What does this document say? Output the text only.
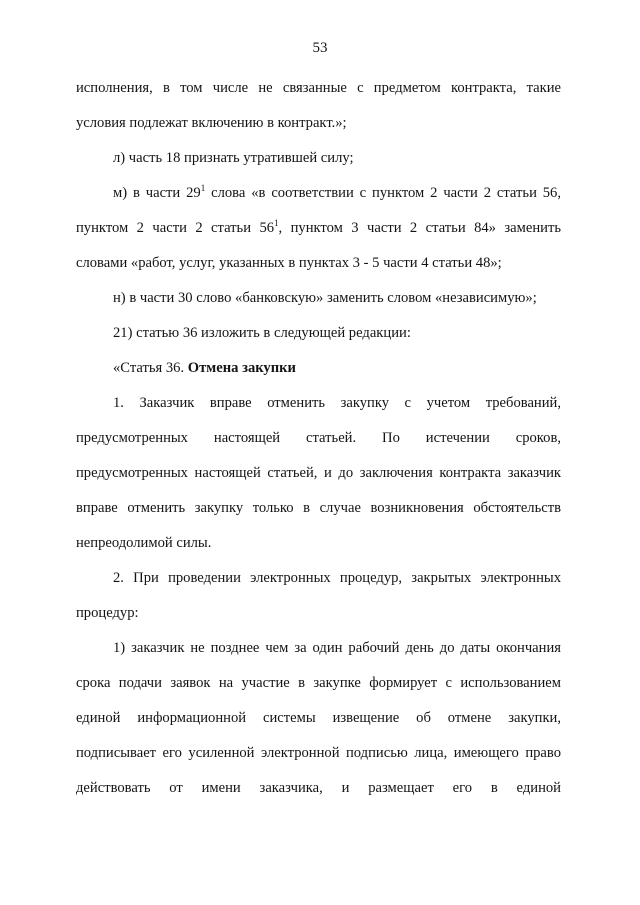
53
исполнения, в том числе не связанные с предметом контракта, такие
условия подлежат включению в контракт.»;
л) часть 18 признать утратившей силу;
м) в части $29^1$ слова «в соответствии с пунктом 2 части 2 статьи 56,
пунктом 2 части 2 статьи $56^1$, пунктом 3 части 2 статьи 84» заменить
словами «работ, услуг, указанных в пунктах 3 - 5 части 4 статьи 48»;
н) в части 30 слово «банковскую» заменить словом «независимую»;
21) статью 36 изложить в следующей редакции:
«Статья 36. Отмена закупки
1. Заказчик вправе отменить закупку с учетом требований,
предусмотренных настоящей статьей. По истечении сроков,
предусмотренных настоящей статьей, и до заключения контракта заказчик
вправе отменить закупку только в случае возникновения обстоятельств
непреодолимой силы.
2. При проведении электронных процедур, закрытых электронных
процедур:
1) заказчик не позднее чем за один рабочий день до даты окончания
срока подачи заявок на участие в закупке формирует с использованием
единой информационной системы извещение об отмене закупки,
подписывает его усиленной электронной подписью лица, имеющего право
действовать от имени заказчика, и размещает его в единой
